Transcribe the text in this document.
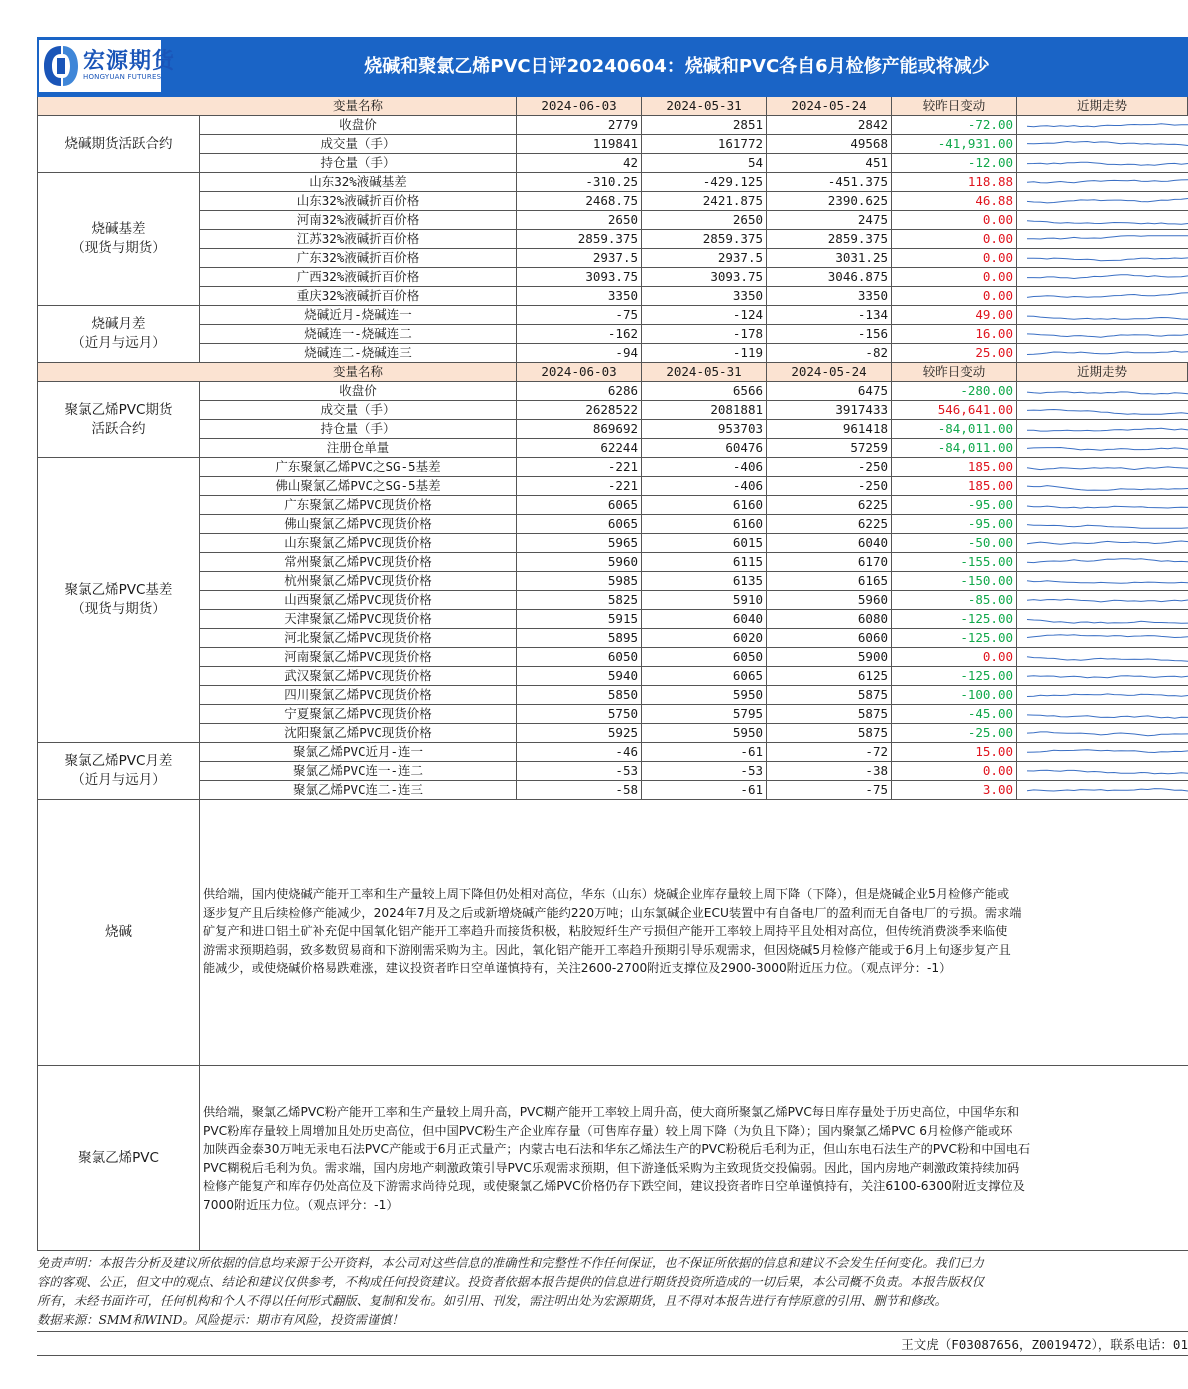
宏源期货
HONGYUAN FUTURES	烧碱和聚氯乙烯PVC日评20240604：烧碱和PVC各自6月检修产能或将减少
变量名称	2024-06-03	2024-05-31	2024-05-24	较昨日变动	近期走势
烧碱期货活跃合约
收盘价	2779	2851	2842	-72.00
成交量（手）	119841	161772	49568	-41,931.00
持仓量（手）	42	54	451	-12.00
烧碱基差
（现货与期货）
山东32%液碱基差	-310.25	-429.125	-451.375	118.88
山东32%液碱折百价格	2468.75	2421.875	2390.625	46.88
河南32%液碱折百价格	2650	2650	2475	0.00
江苏32%液碱折百价格	2859.375	2859.375	2859.375	0.00
广东32%液碱折百价格	2937.5	2937.5	3031.25	0.00
广西32%液碱折百价格	3093.75	3093.75	3046.875	0.00
重庆32%液碱折百价格	3350	3350	3350	0.00
烧碱月差
（近月与远月）
烧碱近月-烧碱连一	-75	-124	-134	49.00
烧碱连一-烧碱连二	-162	-178	-156	16.00
烧碱连二-烧碱连三	-94	-119	-82	25.00
变量名称	2024-06-03	2024-05-31	2024-05-24	较昨日变动	近期走势
聚氯乙烯PVC期货
活跃合约
收盘价	6286	6566	6475	-280.00
成交量（手）	2628522	2081881	3917433	546,641.00
持仓量（手）	869692	953703	961418	-84,011.00
注册仓单量	62244	60476	57259	-84,011.00
聚氯乙烯PVC基差
（现货与期货）
广东聚氯乙烯PVC之SG-5基差	-221	-406	-250	185.00
佛山聚氯乙烯PVC之SG-5基差	-221	-406	-250	185.00
广东聚氯乙烯PVC现货价格	6065	6160	6225	-95.00
佛山聚氯乙烯PVC现货价格	6065	6160	6225	-95.00
山东聚氯乙烯PVC现货价格	5965	6015	6040	-50.00
常州聚氯乙烯PVC现货价格	5960	6115	6170	-155.00
杭州聚氯乙烯PVC现货价格	5985	6135	6165	-150.00
山西聚氯乙烯PVC现货价格	5825	5910	5960	-85.00
天津聚氯乙烯PVC现货价格	5915	6040	6080	-125.00
河北聚氯乙烯PVC现货价格	5895	6020	6060	-125.00
河南聚氯乙烯PVC现货价格	6050	6050	5900	0.00
武汉聚氯乙烯PVC现货价格	5940	6065	6125	-125.00
四川聚氯乙烯PVC现货价格	5850	5950	5875	-100.00
宁夏聚氯乙烯PVC现货价格	5750	5795	5875	-45.00
沈阳聚氯乙烯PVC现货价格	5925	5950	5875	-25.00
聚氯乙烯PVC月差
（近月与远月）
聚氯乙烯PVC近月-连一	-46	-61	-72	15.00
聚氯乙烯PVC连一-连二	-53	-53	-38	0.00
聚氯乙烯PVC连二-连三	-58	-61	-75	3.00
烧碱
供给端，国内使烧碱产能开工率和生产量较上周下降但仍处相对高位，华东（山东）烧碱企业库存量较上周下降（下降），但是烧碱企业5月检修产能或
逐步复产且后续检修产能减少，2024年7月及之后或新增烧碱产能约220万吨；山东氯碱企业ECU装置中有自备电厂的盈利而无自备电厂的亏损。需求端
矿复产和进口铝土矿补充促中国氧化铝产能开工率趋升而接货积极，粘胶短纤生产亏损但产能开工率较上周持平且处相对高位，但传统消费淡季来临使
游需求预期趋弱，致多数贸易商和下游刚需采购为主。因此，氧化铝产能开工率趋升预期引导乐观需求，但因烧碱5月检修产能或于6月上旬逐步复产且
能减少，或使烧碱价格易跌难涨，建议投资者昨日空单谨慎持有，关注2600-2700附近支撑位及2900-3000附近压力位。（观点评分：-1）
聚氯乙烯PVC
供给端，聚氯乙烯PVC粉产能开工率和生产量较上周升高，PVC糊产能开工率较上周升高，使大商所聚氯乙烯PVC每日库存量处于历史高位，中国华东和
PVC粉库存量较上周增加且处历史高位，但中国PVC粉生产企业库存量（可售库存量）较上周下降（为负且下降）；国内聚氯乙烯PVC 6月检修产能或环
加陕西金泰30万吨无汞电石法PVC产能或于6月正式量产；内蒙古电石法和华东乙烯法生产的PVC粉税后毛利为正，但山东电石法生产的PVC粉和中国电石
PVC糊税后毛利为负。需求端，国内房地产刺激政策引导PVC乐观需求预期，但下游逢低采购为主致现货交投偏弱。因此，国内房地产刺激政策持续加码
检修产能复产和库存仍处高位及下游需求尚待兑现，或使聚氯乙烯PVC价格仍存下跌空间，建议投资者昨日空单谨慎持有，关注6100-6300附近支撑位及
7000附近压力位。（观点评分：-1）
免责声明：本报告分析及建议所依据的信息均来源于公开资料，本公司对这些信息的准确性和完整性不作任何保证，也不保证所依据的信息和建议不会发生任何变化。我们已力
容的客观、公正，但文中的观点、结论和建议仅供参考，不构成任何投资建议。投资者依据本报告提供的信息进行期货投资所造成的一切后果，本公司概不负责。本报告版权仅
所有，未经书面许可，任何机构和个人不得以任何形式翻版、复制和发布。如引用、刊发，需注明出处为宏源期货，且不得对本报告进行有悖原意的引用、删节和修改。
数据来源：SMM和WIND。风险提示：期市有风险，投资需谨慎！
王文虎（F03087656，Z0019472），联系电话：01
